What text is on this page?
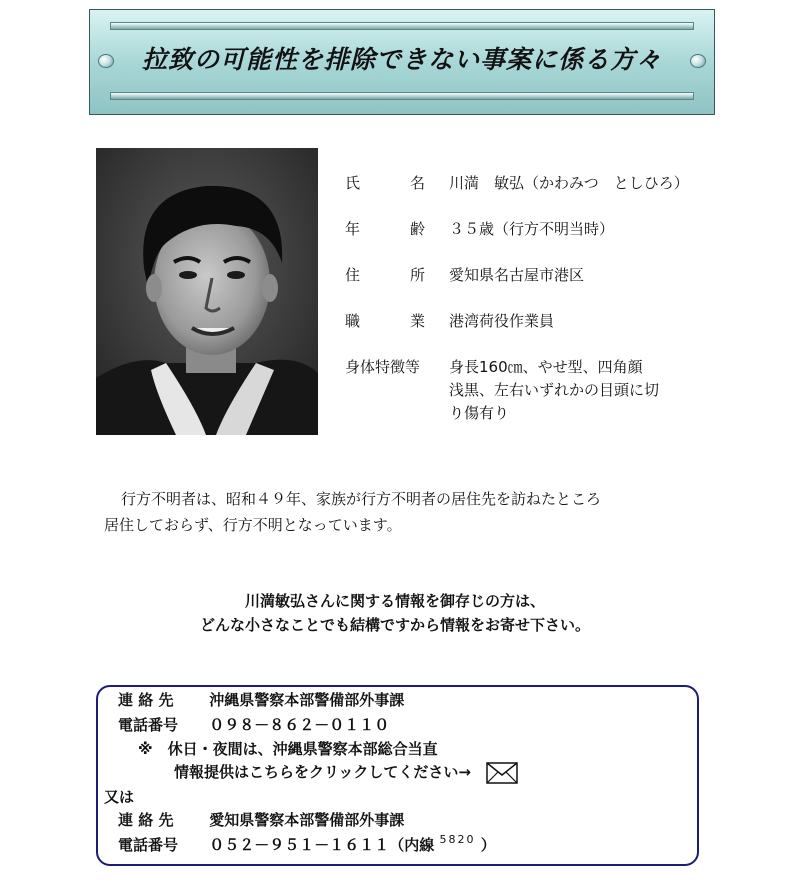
拉致の可能性を排除できない事案に係る方々
氏	名 川満　敏弘（かわみつ　としひろ）
年	齢 ３５歳（行方不明当時）
住	所 愛知県名古屋市港区
職	業 港湾荷役作業員
身体特徴等	身長160㎝、やせ型、四角顔
浅黒、左右いずれかの目頭に切
り傷有り
行方不明者は、昭和４９年、家族が行方不明者の居住先を訪ねたところ
居住しておらず、行方不明となっています。
川満敏弘さんに関する情報を御存じの方は、
どんな小さなことでも結構ですから情報をお寄せ下さい。
連 絡 先 沖縄県警察本部警備部外事課
電話番号 ０９８－８６２－０１１０
※　休日・夜間は、沖縄県警察本部総合当直
情報提供はこちらをクリックしてください→
又は
連 絡 先 愛知県警察本部警備部外事課
電話番号 ０５２－９５１－１６１１（内線 $^{5820}$ ）
